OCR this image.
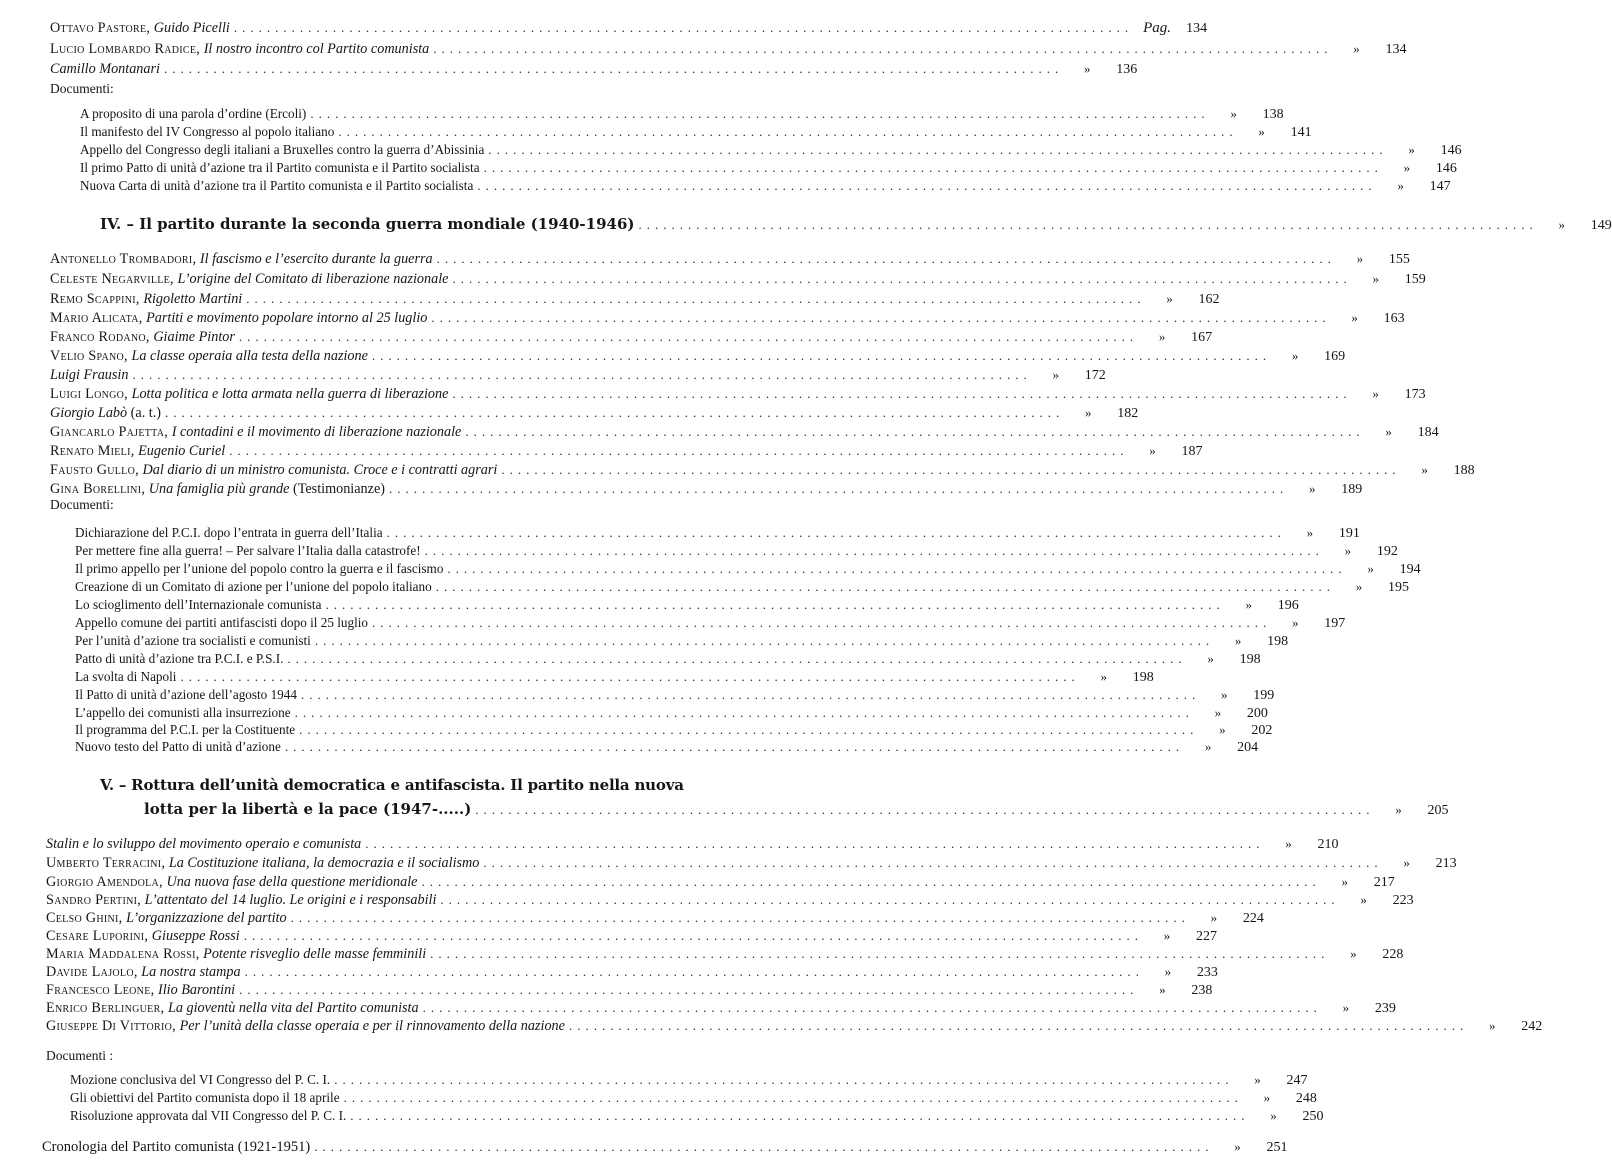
Ottavo Pastore,
Guido Picelli ............................................................................................................. Pag.	134
Lucio Lombardo Radice,
Il nostro incontro col Partito comunista .............................................................................................................	»	134
Camillo Montanari .............................................................................................................	»	136
Documenti:
A proposito di una parola d’ordine (Ercoli) .............................................................................................................	»	138
Il manifesto del IV Congresso al popolo italiano .............................................................................................................	»	141
Appello del Congresso degli italiani a Bruxelles contro la guerra d’Abissinia .............................................................................................................	»	146
Il primo Patto di unità d’azione tra il Partito comunista e il Partito socialista .............................................................................................................	»	146
Nuova Carta di unità d’azione tra il Partito comunista e il Partito socialista .............................................................................................................	»	147
IV. – Il partito durante la seconda guerra mondiale (1940-1946) .............................................................................................................	»	149
Antonello Trombadori,
Il fascismo e l’esercito durante la guerra .............................................................................................................	»	155
Celeste Negarville,
L’origine del Comitato di liberazione nazionale .............................................................................................................	»	159
Remo Scappini,
Rigoletto Martini .............................................................................................................	»	162
Mario Alicata,
Partiti e movimento popolare intorno al 25 luglio .............................................................................................................	»	163
Franco Rodano,
Giaime Pintor .............................................................................................................	»	167
Velio Spano,
La classe operaia alla testa della nazione .............................................................................................................	»	169
Luigi Frausin .............................................................................................................	»	172
Luigi Longo,
Lotta politica e lotta armata nella guerra di liberazione .............................................................................................................	»	173
Giorgio Labò
(a. t.) .............................................................................................................	»	182
Giancarlo Pajetta,
I contadini e il movimento di liberazione nazionale .............................................................................................................	»	184
Renato Mieli,
Eugenio Curiel .............................................................................................................	»	187
Fausto Gullo,
Dal diario di un ministro comunista. Croce e i contratti agrari .............................................................................................................	»	188
Gina Borellini,
Una famiglia più grande
(Testimonianze) .............................................................................................................	»	189
Documenti:
Dichiarazione del P.C.I. dopo l’entrata in guerra dell’Italia .............................................................................................................	»	191
Per mettere fine alla guerra! – Per salvare l’Italia dalla catastrofe! .............................................................................................................	»	192
Il primo appello per l’unione del popolo contro la guerra e il fascismo .............................................................................................................	»	194
Creazione di un Comitato di azione per l’unione del popolo italiano .............................................................................................................	»	195
Lo scioglimento dell’Internazionale comunista .............................................................................................................	»	196
Appello comune dei partiti antifascisti dopo il 25 luglio .............................................................................................................	»	197
Per l’unità d’azione tra socialisti e comunisti .............................................................................................................	»	198
Patto di unità d’azione tra P.C.I. e P.S.I. .............................................................................................................	»	198
La svolta di Napoli .............................................................................................................	»	198
Il Patto di unità d’azione dell’agosto 1944 .............................................................................................................	»	199
L’appello dei comunisti alla insurrezione .............................................................................................................	»	200
Il programma del P.C.I. per la Costituente .............................................................................................................	»	202
Nuovo testo del Patto di unità d’azione .............................................................................................................	»	204
V. – Rottura dell’unità democratica e antifascista. Il partito nella nuova
lotta per la libertà e la pace (1947-.....) .............................................................................................................	»	205
Stalin e lo sviluppo del movimento operaio e comunista .............................................................................................................	»	210
Umberto Terracini,
La Costituzione italiana, la democrazia e il socialismo .............................................................................................................	»	213
Giorgio Amendola,
Una nuova fase della questione meridionale .............................................................................................................	»	217
Sandro Pertini,
L’attentato del 14 luglio. Le origini e i responsabili .............................................................................................................	»	223
Celso Ghini,
L’organizzazione del partito .............................................................................................................	»	224
Cesare Luporini,
Giuseppe Rossi .............................................................................................................	»	227
Maria Maddalena Rossi,
Potente risveglio delle masse femminili .............................................................................................................	»	228
Davide Lajolo,
La nostra stampa .............................................................................................................	»	233
Francesco Leone,
Ilio Barontini .............................................................................................................	»	238
Enrico Berlinguer,
La gioventù nella vita del Partito comunista .............................................................................................................	»	239
Giuseppe Di Vittorio,
Per l’unità della classe operaia e per il rinnovamento della nazione .............................................................................................................	»	242
Documenti :
Mozione conclusiva del VI Congresso del P. C. I. .............................................................................................................	»	247
Gli obiettivi del Partito comunista dopo il 18 aprile .............................................................................................................	»	248
Risoluzione approvata dal VII Congresso del P. C. I. .............................................................................................................	»	250
Cronologia del Partito comunista (1921-1951) .............................................................................................................	»	251
